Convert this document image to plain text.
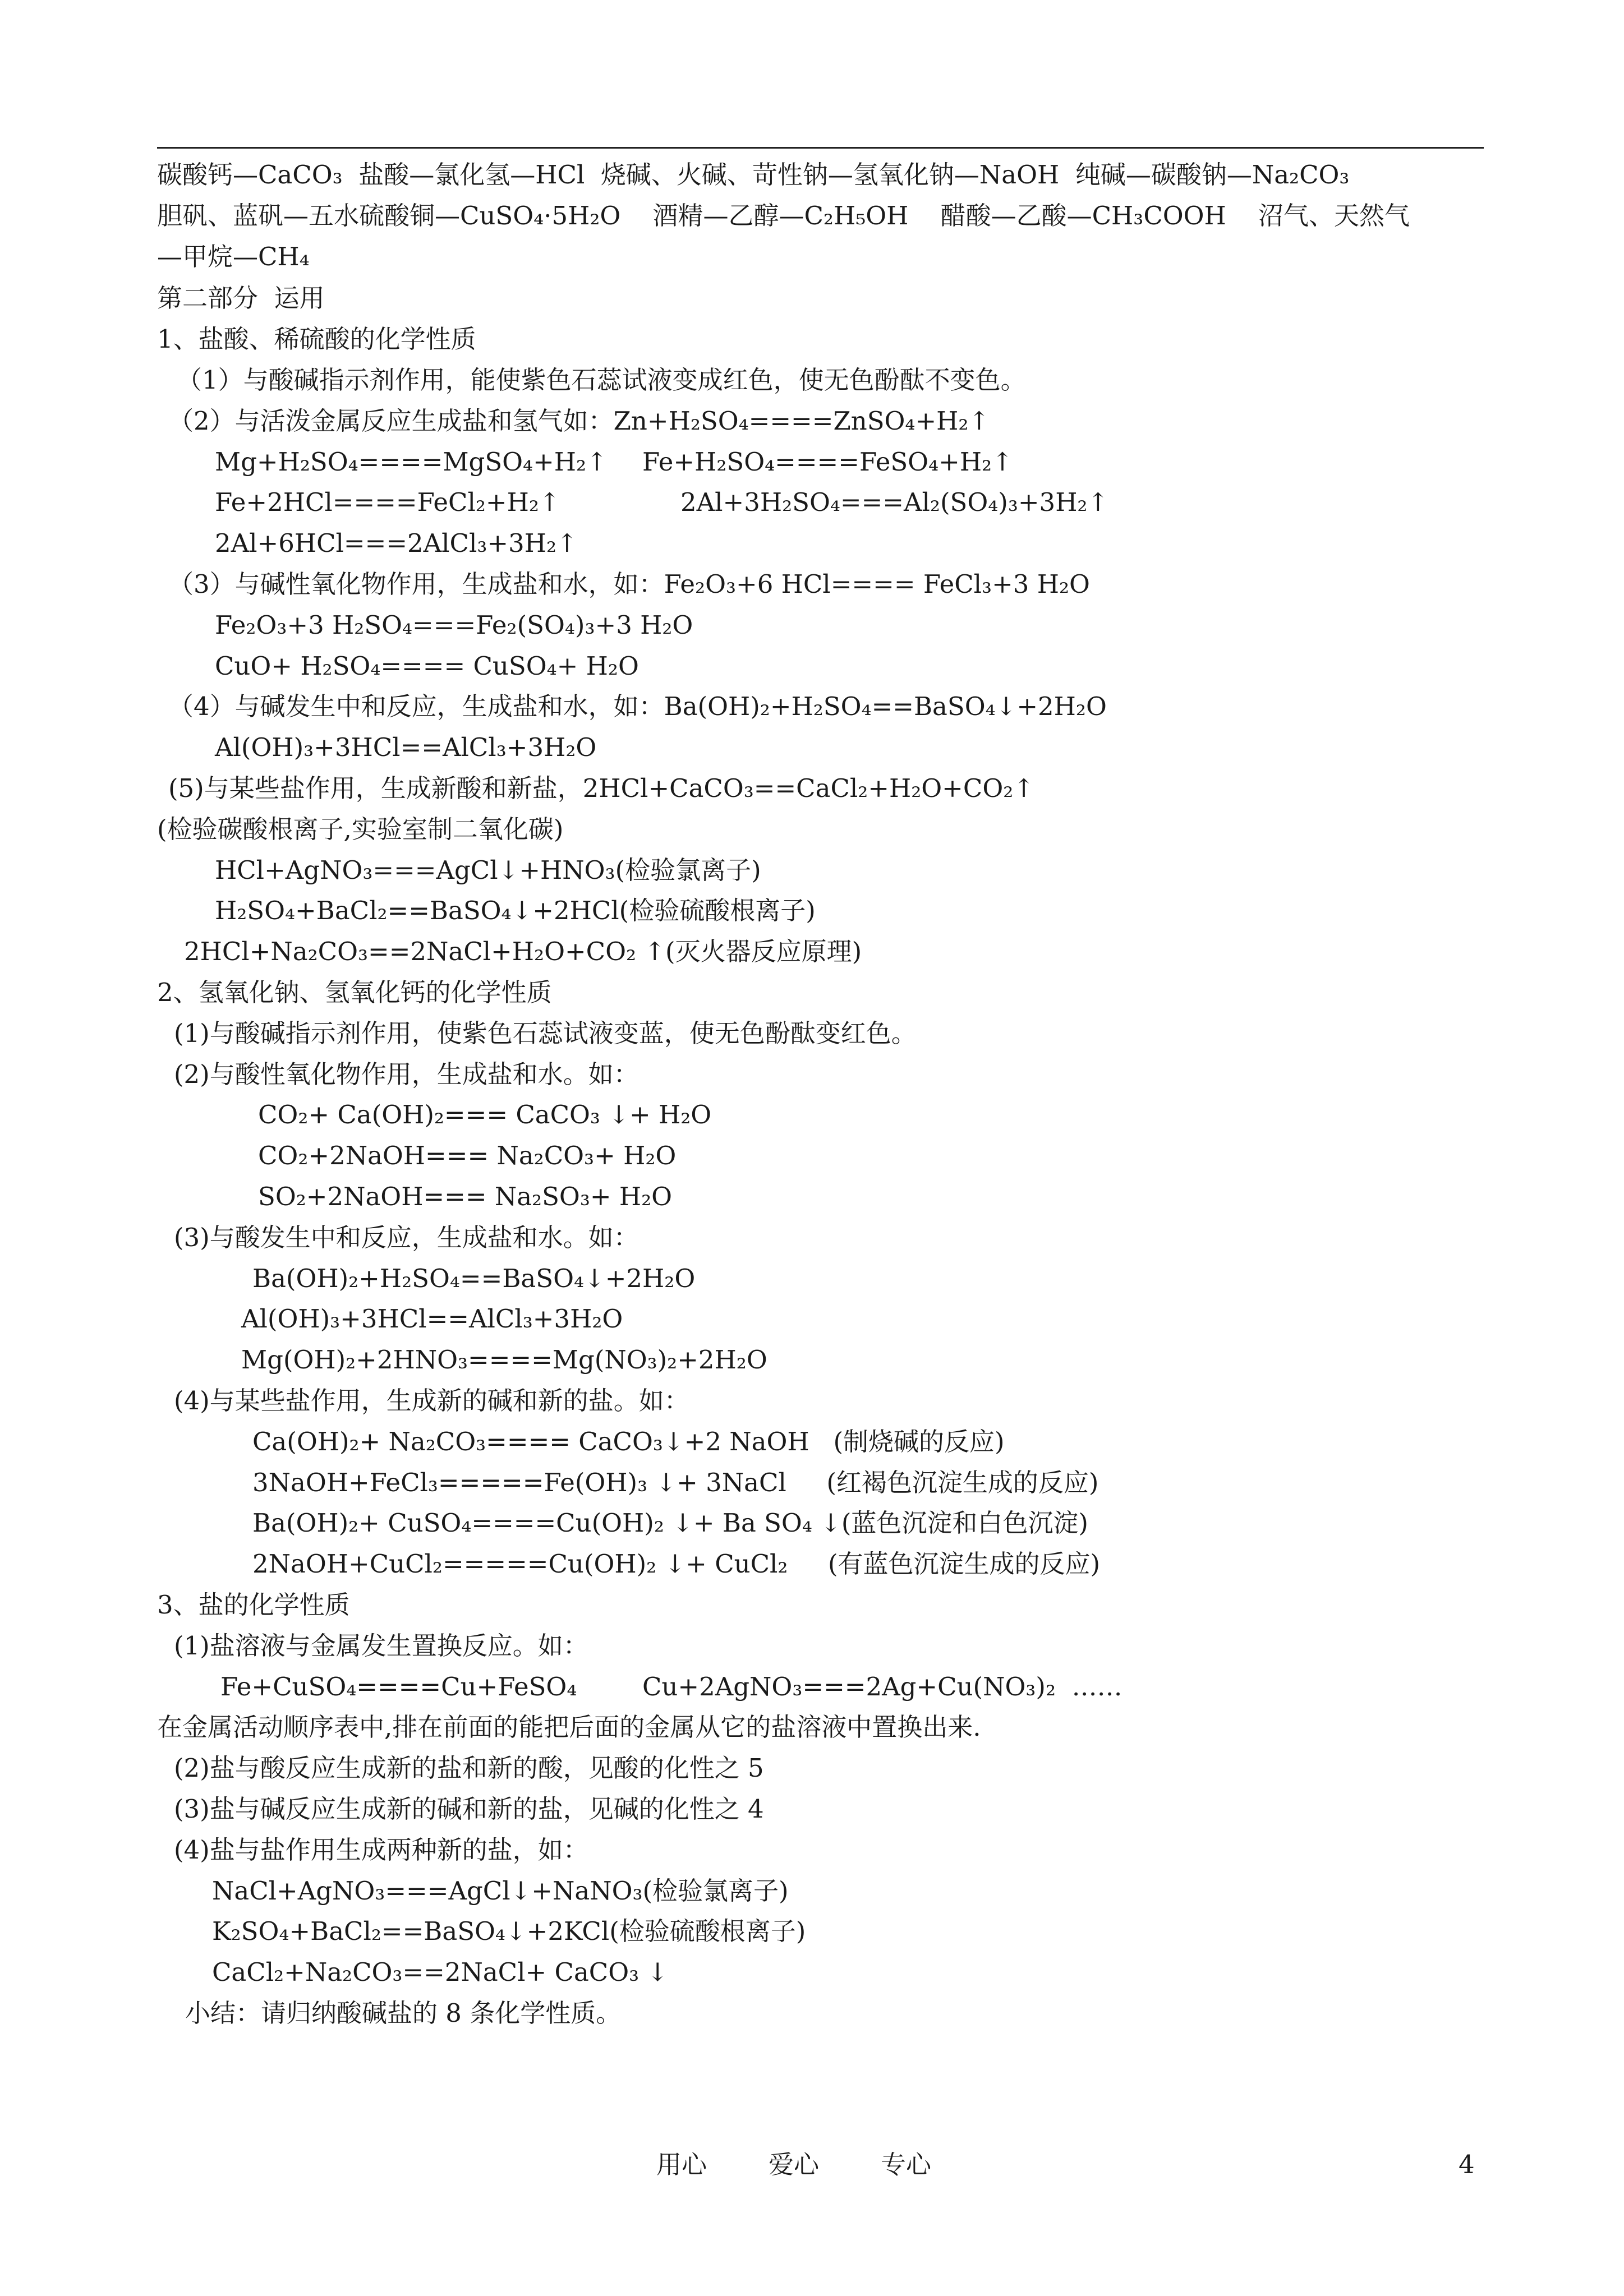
碳酸钙—CaCO₃  盐酸—氯化氢—HCl  烧碱、火碱、苛性钠—氢氧化钠—NaOH  纯碱—碳酸钠—Na₂CO₃
胆矾、蓝矾—五水硫酸铜—CuSO₄·5H₂O    酒精—乙醇—C₂H₅OH    醋酸—乙酸—CH₃COOH    沼气、天然气
—甲烷—CH₄
第二部分  运用
1、盐酸、稀硫酸的化学性质
（1）与酸碱指示剂作用，能使紫色石蕊试液变成红色，使无色酚酞不变色。
（2）与活泼金属反应生成盐和氢气如：Zn+H₂SO₄====ZnSO₄+H₂↑
Mg+H₂SO₄====MgSO₄+H₂↑ Fe+H₂SO₄====FeSO₄+H₂↑
Fe+2HCl====FeCl₂+H₂↑	2Al+3H₂SO₄===Al₂(SO₄)₃+3H₂↑
2Al+6HCl===2AlCl₃+3H₂↑
（3）与碱性氧化物作用，生成盐和水，如：Fe₂O₃+6 HCl==== FeCl₃+3 H₂O
Fe₂O₃+3 H₂SO₄===Fe₂(SO₄)₃+3 H₂O
CuO+ H₂SO₄==== CuSO₄+ H₂O
（4）与碱发生中和反应，生成盐和水，如：Ba(OH)₂+H₂SO₄==BaSO₄↓+2H₂O
Al(OH)₃+3HCl==AlCl₃+3H₂O
(5)与某些盐作用，生成新酸和新盐，2HCl+CaCO₃==CaCl₂+H₂O+CO₂↑
(检验碳酸根离子,实验室制二氧化碳)
HCl+AgNO₃===AgCl↓+HNO₃(检验氯离子)
H₂SO₄+BaCl₂==BaSO₄↓+2HCl(检验硫酸根离子)
2HCl+Na₂CO₃==2NaCl+H₂O+CO₂ ↑(灭火器反应原理)
2、氢氧化钠、氢氧化钙的化学性质
(1)与酸碱指示剂作用，使紫色石蕊试液变蓝，使无色酚酞变红色。
(2)与酸性氧化物作用，生成盐和水。如：
CO₂+ Ca(OH)₂=== CaCO₃ ↓+ H₂O
CO₂+2NaOH=== Na₂CO₃+ H₂O
SO₂+2NaOH=== Na₂SO₃+ H₂O
(3)与酸发生中和反应，生成盐和水。如：
Ba(OH)₂+H₂SO₄==BaSO₄↓+2H₂O
Al(OH)₃+3HCl==AlCl₃+3H₂O
Mg(OH)₂+2HNO₃====Mg(NO₃)₂+2H₂O
(4)与某些盐作用，生成新的碱和新的盐。如：
Ca(OH)₂+ Na₂CO₃==== CaCO₃↓+2 NaOH   (制烧碱的反应)
3NaOH+FeCl₃=====Fe(OH)₃ ↓+ 3NaCl     (红褐色沉淀生成的反应)
Ba(OH)₂+ CuSO₄====Cu(OH)₂ ↓+ Ba SO₄ ↓(蓝色沉淀和白色沉淀)
2NaOH+CuCl₂=====Cu(OH)₂ ↓+ CuCl₂     (有蓝色沉淀生成的反应)
3、盐的化学性质
(1)盐溶液与金属发生置换反应。如：
Fe+CuSO₄====Cu+FeSO₄	Cu+2AgNO₃===2Ag+Cu(NO₃)₂  ……
在金属活动顺序表中,排在前面的能把后面的金属从它的盐溶液中置换出来.
(2)盐与酸反应生成新的盐和新的酸，见酸的化性之 5
(3)盐与碱反应生成新的碱和新的盐，见碱的化性之 4
(4)盐与盐作用生成两种新的盐，如：
NaCl+AgNO₃===AgCl↓+NaNO₃(检验氯离子)
K₂SO₄+BaCl₂==BaSO₄↓+2KCl(检验硫酸根离子)
CaCl₂+Na₂CO₃==2NaCl+ CaCO₃ ↓
小结：请归纳酸碱盐的 8 条化学性质。
用心 爱心 专心	4
